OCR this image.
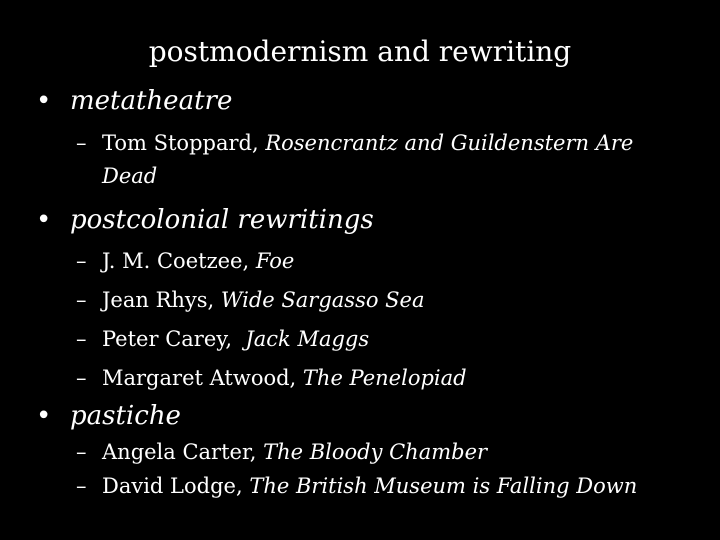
postmodernism and rewriting
• metatheatre
– Tom Stoppard, Rosencrantz and Guildenstern Are
Dead
• postcolonial rewritings
– J. M. Coetzee, Foe
– Jean Rhys, Wide Sargasso Sea
– Peter Carey,  Jack Maggs
– Margaret Atwood, The Penelopiad
• pastiche
– Angela Carter, The Bloody Chamber
– David Lodge, The British Museum is Falling Down
